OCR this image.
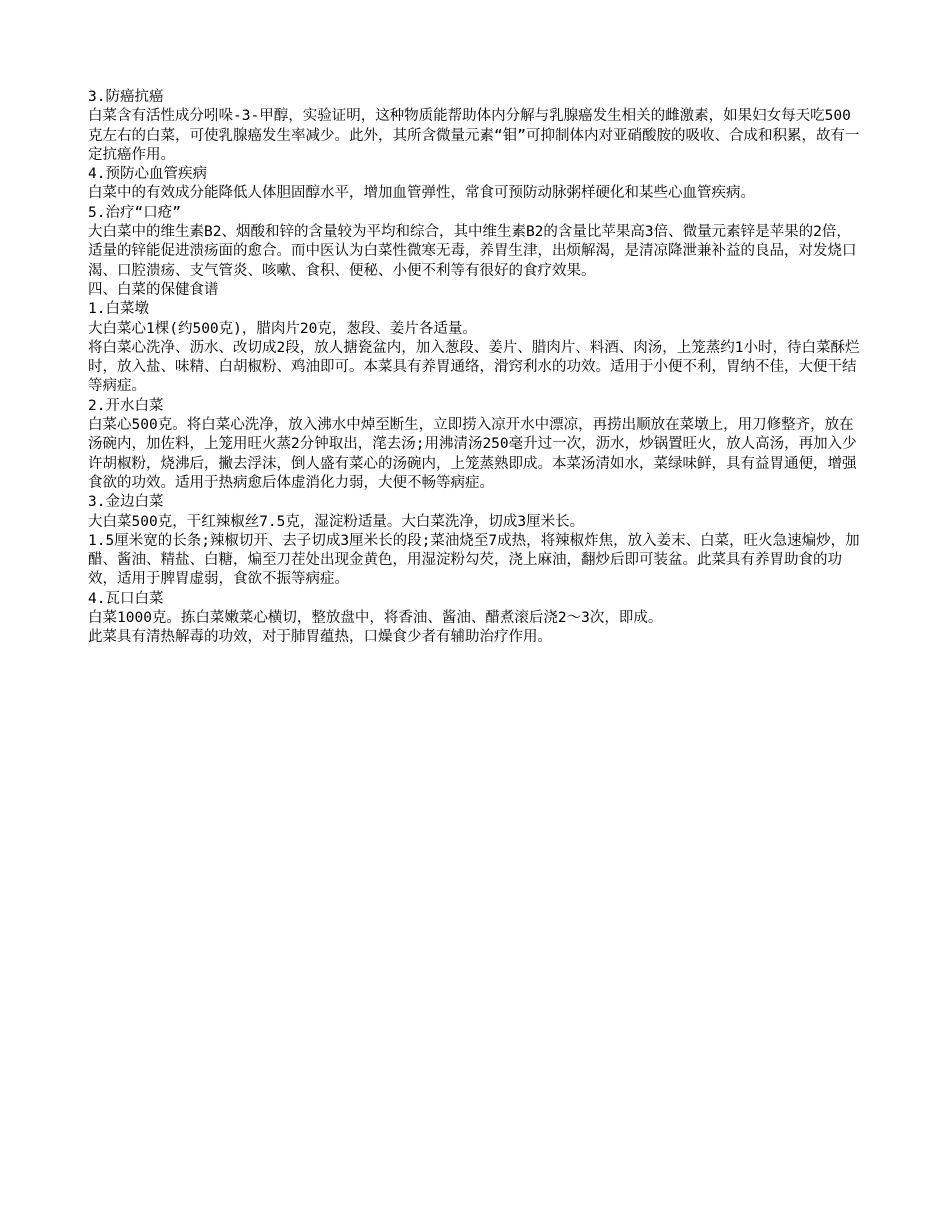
3.防癌抗癌

白菜含有活性成分吲哚-3-甲醇，实验证明，这种物质能帮助体内分解与乳腺癌发生相关的雌激素，如果妇女每天吃500克左右的白菜，可使乳腺癌发生率减少。此外，其所含微量元素“钼”可抑制体内对亚硝酸胺的吸收、合成和积累，故有一定抗癌作用。

4.预防心血管疾病

白菜中的有效成分能降低人体胆固醇水平，增加血管弹性，常食可预防动脉粥样硬化和某些心血管疾病。

5.治疗“口疮”

大白菜中的维生素B2、烟酸和锌的含量较为平均和综合，其中维生素B2的含量比苹果高3倍、微量元素锌是苹果的2倍，适量的锌能促进溃疡面的愈合。而中医认为白菜性微寒无毒，养胃生津，出烦解渴，是清凉降泄兼补益的良品，对发烧口渴、口腔溃疡、支气管炎、咳嗽、食积、便秘、小便不利等有很好的食疗效果。

四、白菜的保健食谱

1.白菜墩

大白菜心1棵(约500克)，腊肉片20克，葱段、姜片各适量。

将白菜心洗净、沥水、改切成2段，放人搪瓷盆内，加入葱段、姜片、腊肉片、料酒、肉汤，上笼蒸约1小时，待白菜酥烂时，放入盐、味精、白胡椒粉、鸡油即可。本菜具有养胃通络，滑窍利水的功效。适用于小便不利，胃纳不佳，大便干结等病症。

2.开水白菜

白菜心500克。将白菜心洗净，放入沸水中焯至断生，立即捞入凉开水中漂凉，再捞出顺放在菜墩上，用刀修整齐，放在汤碗内，加佐料，上笼用旺火蒸2分钟取出，滗去汤;用沸清汤250毫升过一次，沥水，炒锅置旺火，放人高汤，再加入少许胡椒粉，烧沸后，撇去浮沫，倒人盛有菜心的汤碗内，上笼蒸熟即成。本菜汤清如水，菜绿味鲜，具有益胃通便，增强食欲的功效。适用于热病愈后体虚消化力弱，大便不畅等病症。

3.金边白菜

大白菜500克，干红辣椒丝7.5克，湿淀粉适量。大白菜洗净，切成3厘米长。

1.5厘米宽的长条;辣椒切开、去子切成3厘米长的段;菜油烧至7成热，将辣椒炸焦，放入姜末、白菜，旺火急速煸炒，加醋、酱油、精盐、白糖，煸至刀茬处出现金黄色，用湿淀粉勾芡，浇上麻油，翻炒后即可装盆。此菜具有养胃助食的功效，适用于脾胃虚弱，食欲不振等病症。

4.瓦口白菜

白菜1000克。拣白菜嫩菜心横切，整放盘中，将香油、酱油、醋煮滚后浇2～3次，即成。

此菜具有清热解毒的功效，对于肺胃蕴热，口燥食少者有辅助治疗作用。
